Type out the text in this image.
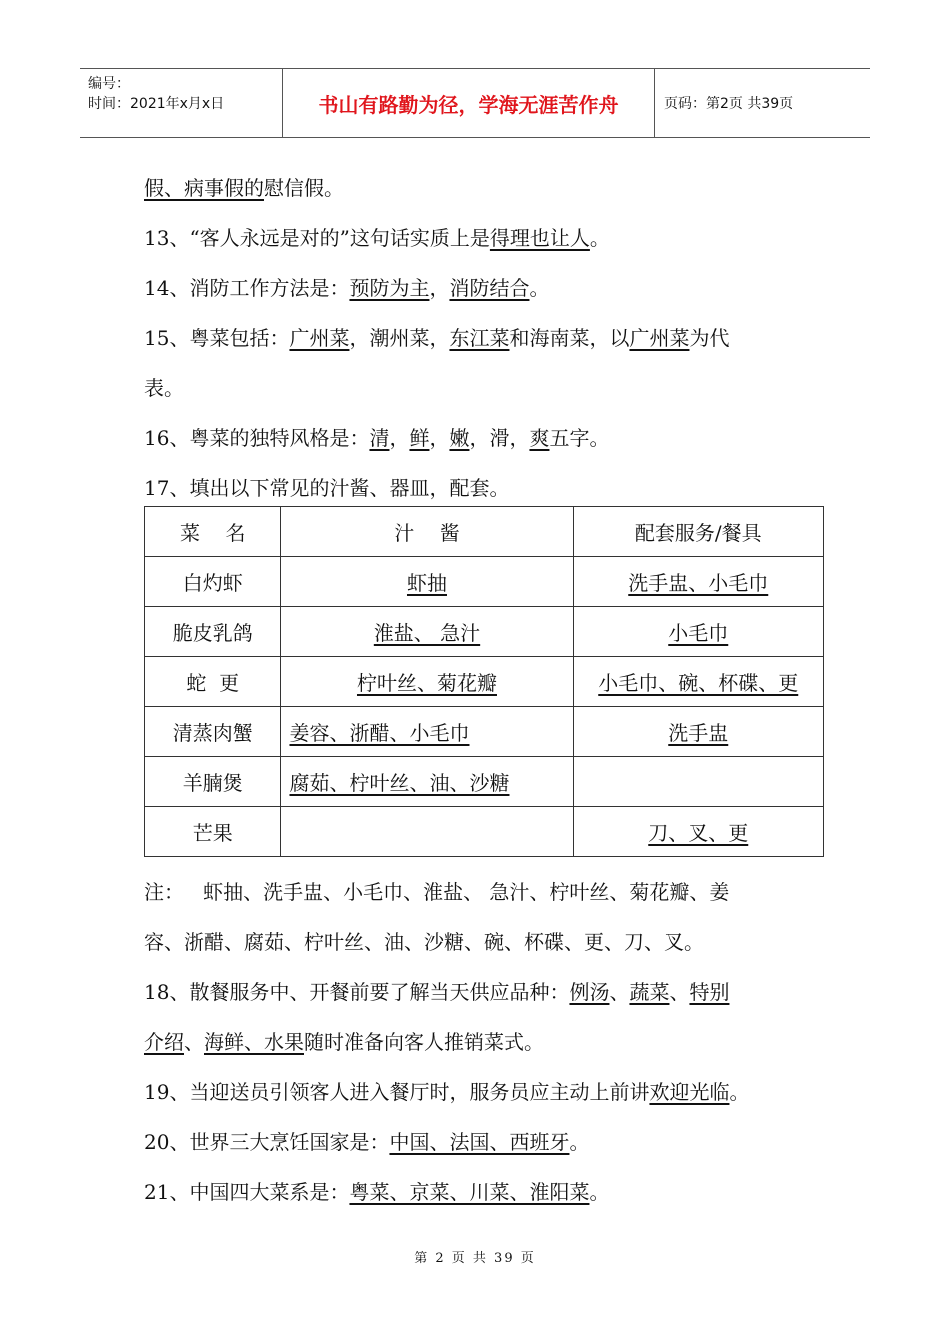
编号：
时间：2021年x月x日	书山有路勤为径，学海无涯苦作舟	页码：第2页 共39页
假、病事假的慰信假。
13、“客人永远是对的”这句话实质上是得理也让人。
14、消防工作方法是：预防为主，消防结合。
15、粤菜包括：广州菜，潮州菜，东江菜和海南菜，以广州菜为代
表。
16、粤菜的独特风格是：清，鲜，嫩，滑，爽五字。
17、填出以下常见的汁酱、器皿，配套。
菜    名	汁    酱	配套服务/餐具
白灼虾	虾抽	洗手盅、小毛巾
脆皮乳鸽	淮盐、 急汁	小毛巾
蛇  更	柠叶丝、菊花瓣	小毛巾、碗、杯碟、更
清蒸肉蟹	姜容、浙醋、小毛巾	洗手盅
羊腩煲	腐茹、柠叶丝、油、沙糖	
芒果		刀、叉、更
注：   虾抽、洗手盅、小毛巾、淮盐、 急汁、柠叶丝、菊花瓣、姜
容、浙醋、腐茹、柠叶丝、油、沙糖、碗、杯碟、更、刀、叉。
18、散餐服务中、开餐前要了解当天供应品种：例汤、蔬菜、特别
介绍、海鲜、水果随时准备向客人推销菜式。
19、当迎送员引领客人进入餐厅时，服务员应主动上前讲欢迎光临。
20、世界三大烹饪国家是：中国、法国、西班牙。
21、中国四大菜系是：粤菜、京菜、川菜、淮阳菜。
第 2 页 共 39 页
